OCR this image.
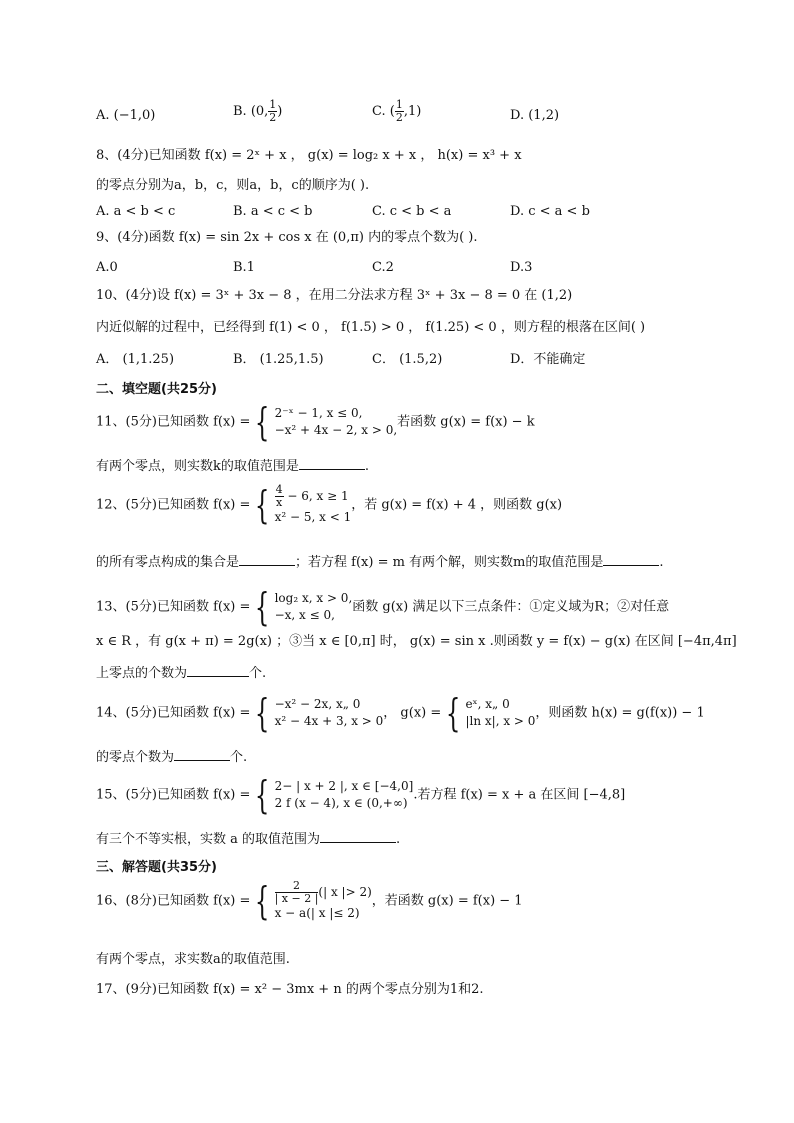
A. (−1,0)	B. (0, $\frac{1}{2}$ )	C. ( $\frac{1}{2} ,1$)	D. (1,2)
8、(4分)已知函数 f(x) = 2ˣ + x ， g(x) = log₂ x + x ， h(x) = x³ + x
的零点分别为a，b，c，则a，b，c的顺序为( ).
A. a < b < c	B. a < c < b	C. c < b < a	D. c < a < b
9、(4分)函数 f(x) = sin 2x + cos x 在 (0,π) 内的零点个数为( ).
A.0	B.1	C.2	D.3
10、(4分)设 f(x) = 3ˣ + 3x − 8 ，在用二分法求方程 3ˣ + 3x − 8 = 0 在 (1,2)
内近似解的过程中，已经得到 f(1) < 0 ， f(1.5) > 0 ， f(1.25) < 0 ，则方程的根落在区间( )
A． (1,1.25)	B． (1.25,1.5)	C． (1.5,2)	D．不能确定
二、填空题(共25分)
11、(5分)已知函数 f(x) = { 2⁻ˣ − 1, x ≤ 0,
−x² + 4x − 2, x > 0,
若函数 g(x) = f(x) − k
有两个零点，则实数k的取值范围是	.
12、(5分)已知函数 f(x) = { $\frac{4}{x} - 6$, x ≥ 1
x² − 5, x < 1
，若 g(x) = f(x) + 4 ，则函数 g(x)
的所有零点构成的集合是	；若方程 f(x) = m 有两个解，则实数m的取值范围是	.
13、(5分)已知函数 f(x) = { log₂ x, x > 0,
−x, x ≤ 0,
函数 g(x) 满足以下三点条件：①定义域为R；②对任意
x ∈ R ，有 g(x + π) = 2g(x) ；③当 x ∈ [0,π] 时， g(x) = sin x .则函数 y = f(x) − g(x) 在区间 [−4π,4π]
上零点的个数为	个.
14、(5分)已知函数 f(x) = { −x² − 2x, x„ 0
x² − 4x + 3, x > 0
， g(x) = { eˣ, x„ 0
|ln x|, x > 0
，则函数 h(x) = g(f(x)) − 1
的零点个数为	个.
15、(5分)已知函数 f(x) = { 2− | x + 2 |, x ∈ [−4,0]
2 f (x − 4), x ∈ (0,+∞)
.若方程 f(x) = x + a 在区间 [−4,8]
有三个不等实根，实数 a 的取值范围为	.
三、解答题(共35分)
16、(8分)已知函数 f(x) = { $\frac{2}{| x - 2 |}$ (| x |> 2)
x − a(| x |≤ 2)
，若函数 g(x) = f(x) − 1
有两个零点，求实数a的取值范围.
17、(9分)已知函数 f(x) = x² − 3mx + n 的两个零点分别为1和2.
